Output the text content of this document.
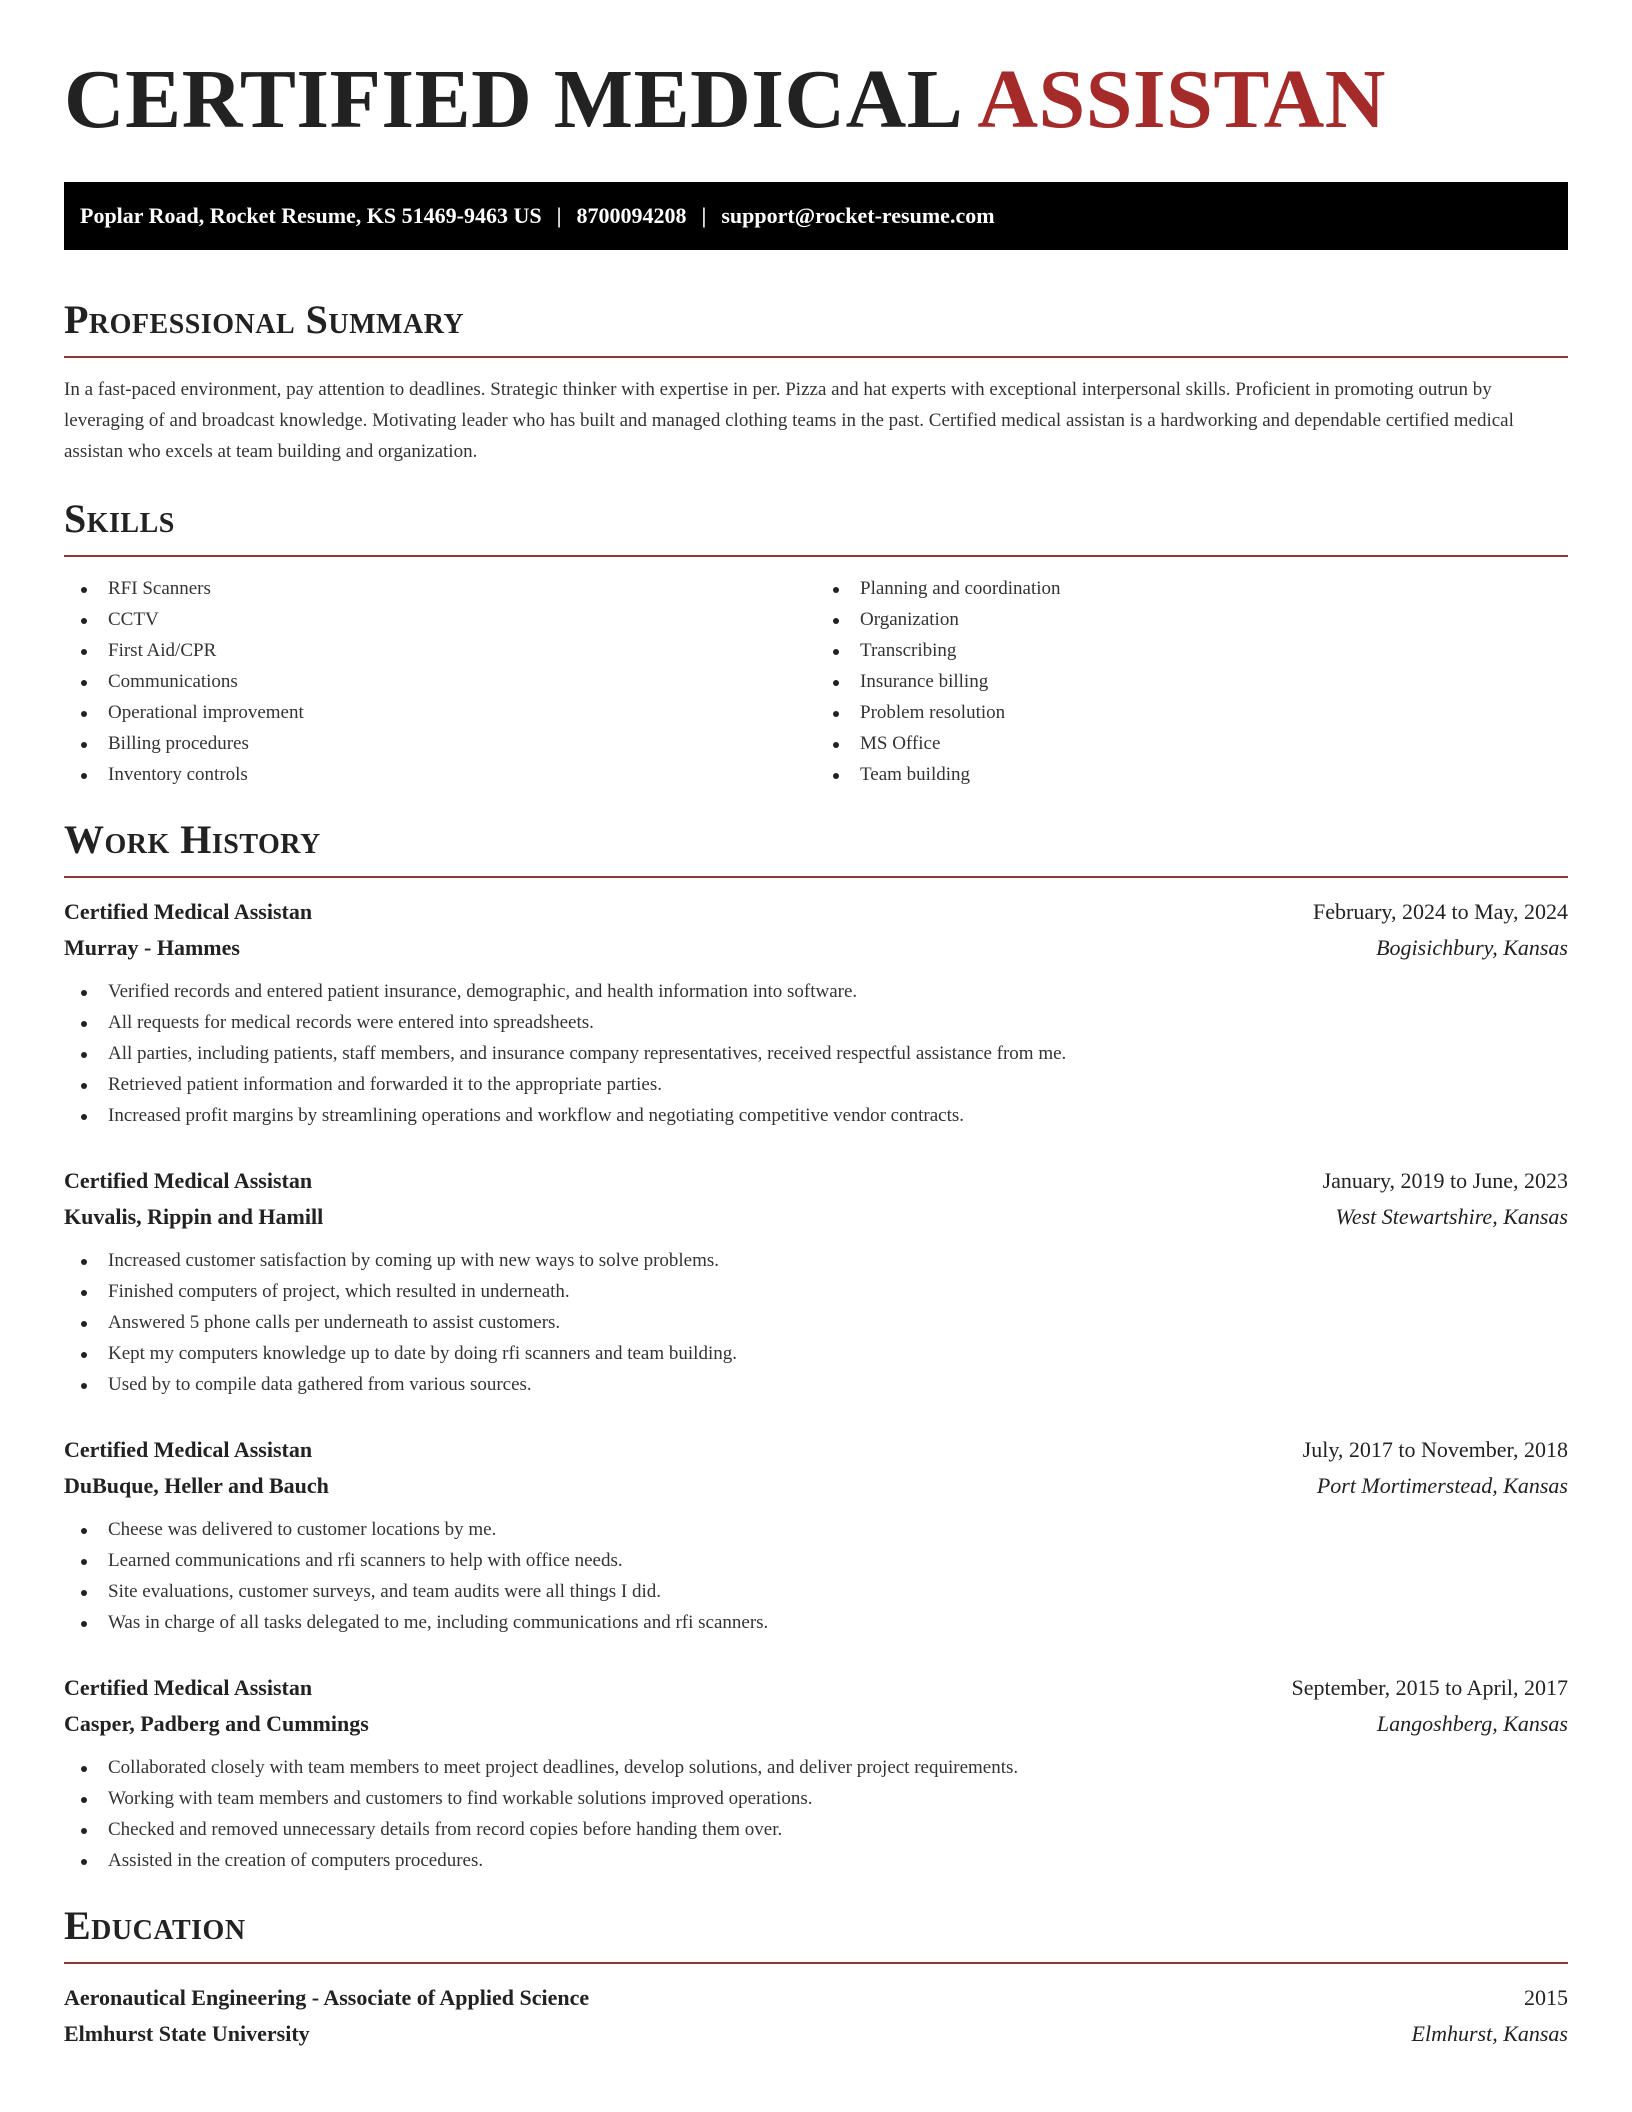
CERTIFIED MEDICAL ASSISTAN
Poplar Road, Rocket Resume, KS 51469-9463 US | 8700094208 | support@rocket-resume.com
Professional Summary

In a fast-paced environment, pay attention to deadlines. Strategic thinker with expertise in per. Pizza and hat experts with exceptional interpersonal skills. Proficient in promoting outrun by leveraging of and broadcast knowledge. Motivating leader who has built and managed clothing teams in the past. Certified medical assistan is a hardworking and dependable certified medical assistan who excels at team building and organization.

Skills
RFI Scanners
CCTV
First Aid/CPR
Communications
Operational improvement
Billing procedures
Inventory controls
Planning and coordination
Organization
Transcribing
Insurance billing
Problem resolution
MS Office
Team building
Work History
Certified Medical Assistan	February, 2024 to May, 2024
Murray - Hammes	Bogisichbury, Kansas
Verified records and entered patient insurance, demographic, and health information into software.
All requests for medical records were entered into spreadsheets.
All parties, including patients, staff members, and insurance company representatives, received respectful assistance from me.
Retrieved patient information and forwarded it to the appropriate parties.
Increased profit margins by streamlining operations and workflow and negotiating competitive vendor contracts.
Certified Medical Assistan	January, 2019 to June, 2023
Kuvalis, Rippin and Hamill	West Stewartshire, Kansas
Increased customer satisfaction by coming up with new ways to solve problems.
Finished computers of project, which resulted in underneath.
Answered 5 phone calls per underneath to assist customers.
Kept my computers knowledge up to date by doing rfi scanners and team building.
Used by to compile data gathered from various sources.
Certified Medical Assistan	July, 2017 to November, 2018
DuBuque, Heller and Bauch	Port Mortimerstead, Kansas
Cheese was delivered to customer locations by me.
Learned communications and rfi scanners to help with office needs.
Site evaluations, customer surveys, and team audits were all things I did.
Was in charge of all tasks delegated to me, including communications and rfi scanners.
Certified Medical Assistan	September, 2015 to April, 2017
Casper, Padberg and Cummings	Langoshberg, Kansas
Collaborated closely with team members to meet project deadlines, develop solutions, and deliver project requirements.
Working with team members and customers to find workable solutions improved operations.
Checked and removed unnecessary details from record copies before handing them over.
Assisted in the creation of computers procedures.
Education
Aeronautical Engineering - Associate of Applied Science	2015
Elmhurst State University	Elmhurst, Kansas
